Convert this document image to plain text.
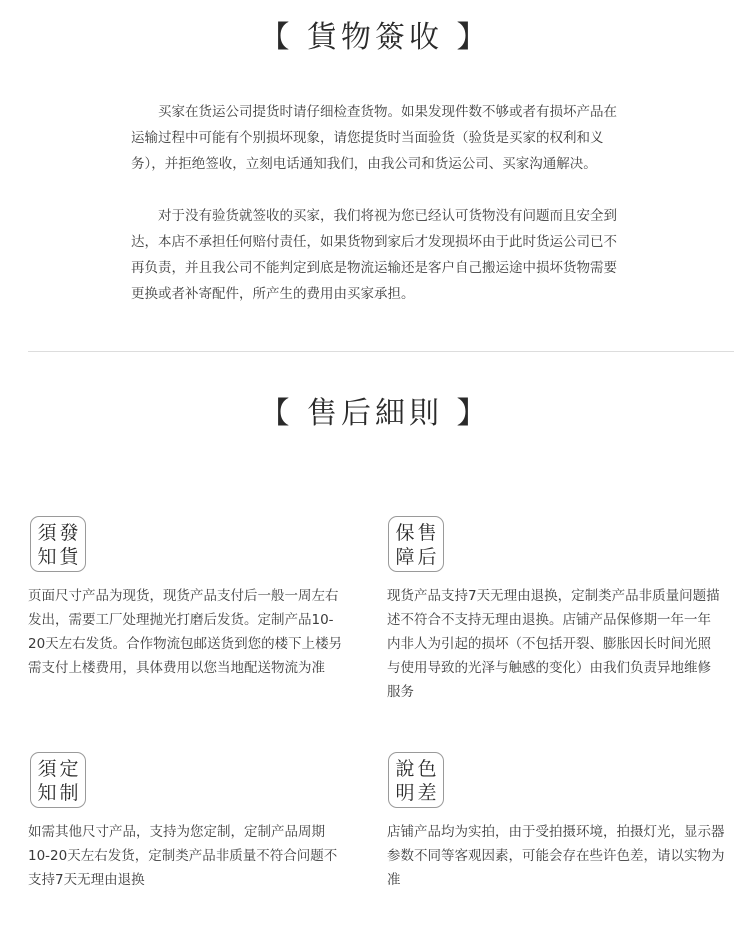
【 貨物簽收 】

买家在货运公司提货时请仔细检查货物。如果发现件数不够或者有损坏产品在运输过程中可能有个别损坏现象，请您提货时当面验货（验货是买家的权利和义务），并拒绝签收，立刻电话通知我们，由我公司和货运公司、买家沟通解决。

对于没有验货就签收的买家，我们将视为您已经认可货物没有问题而且安全到达，本店不承担任何赔付责任，如果货物到家后才发现损坏由于此时货运公司已不再负责，并且我公司不能判定到底是物流运输还是客户自己搬运途中损坏货物需要更换或者补寄配件，所产生的费用由买家承担。

【 售后細則 】
須 發
知 貨

页面尺寸产品为现货，现货产品支付后一般一周左右发出，需要工厂处理抛光打磨后发货。定制产品10-20天左右发货。合作物流包邮送货到您的楼下上楼另需支付上楼费用，具体费用以您当地配送物流为准

保 售
障 后

现货产品支持7天无理由退换，定制类产品非质量问题描述不符合不支持无理由退换。店铺产品保修期一年一年内非人为引起的损坏（不包括开裂、膨胀因长时间光照与使用导致的光泽与触感的变化）由我们负责异地维修服务

須 定
知 制

如需其他尺寸产品，支持为您定制，定制产品周期10-20天左右发货，定制类产品非质量不符合问题不支持7天无理由退换

說 色
明 差

店铺产品均为实拍，由于受拍摄环境，拍摄灯光，显示器参数不同等客观因素，可能会存在些许色差，请以实物为准
